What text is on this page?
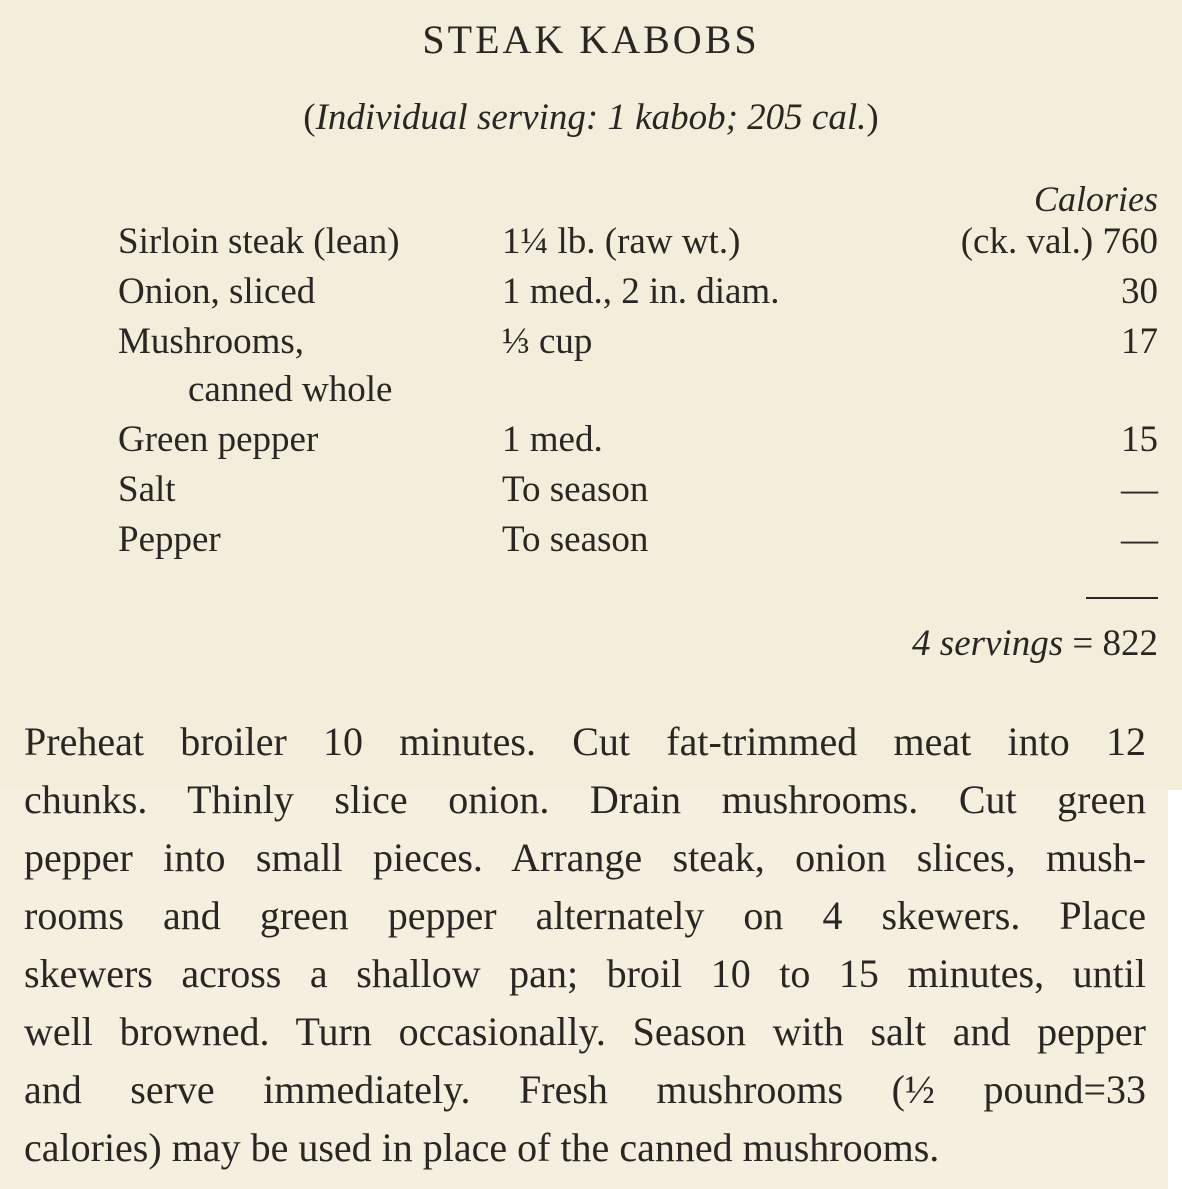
STEAK KABOBS
(Individual serving: 1 kabob; 205 cal.)
Calories
Sirloin steak (lean)	1¼ lb. (raw wt.)	(ck. val.) 760
Onion, sliced	1 med., 2 in. diam.	30
Mushrooms,	⅓ cup	17
canned whole
Green pepper	1 med.	15
Salt	To season	—
Pepper	To season	—
4 servings = 822
Preheat broiler 10 minutes. Cut fat-trimmed meat into 12
chunks. Thinly slice onion. Drain mushrooms. Cut green
pepper into small pieces. Arrange steak, onion slices, mush-
rooms and green pepper alternately on 4 skewers. Place
skewers across a shallow pan; broil 10 to 15 minutes, until
well browned. Turn occasionally. Season with salt and pepper
and serve immediately. Fresh mushrooms (½ pound=33
calories) may be used in place of the canned mushrooms.
